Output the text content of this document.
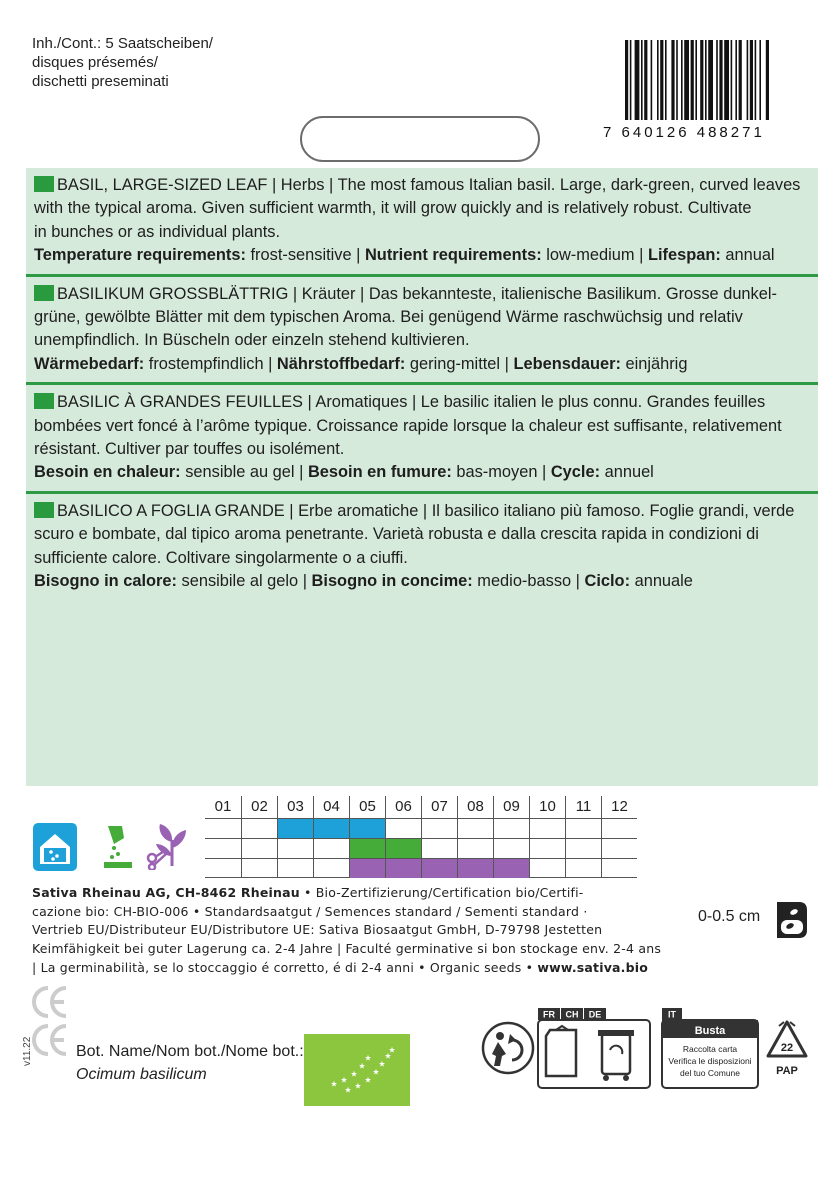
Inh./Cont.: 5 Saatscheiben/
disques présemés/
dischetti preseminati
7 640126 488271
BASIL, LARGE-SIZED LEAF | Herbs | The most famous Italian basil. Large, dark-green, curved leaves
with the typical aroma. Given sufficient warmth, it will grow quickly and is relatively robust. Cultivate
in bunches or as individual plants.
Temperature requirements: frost-sensitive | Nutrient requirements: low-medium | Lifespan: annual
BASILIKUM GROSSBLÄTTRIG | Kräuter | Das bekannteste, italienische Basilikum. Grosse dunkel-
grüne, gewölbte Blätter mit dem typischen Aroma. Bei genügend Wärme raschwüchsig und relativ
unempfindlich. In Büscheln oder einzeln stehend kultivieren.
Wärmebedarf: frostempfindlich | Nährstoffbedarf: gering-mittel | Lebensdauer: einjährig
BASILIC À GRANDES FEUILLES | Aromatiques | Le basilic italien le plus connu. Grandes feuilles
bombées vert foncé à l’arôme typique. Croissance rapide lorsque la chaleur est suffisante, relativement
résistant. Cultiver par touffes ou isolément.
Besoin en chaleur: sensible au gel | Besoin en fumure: bas-moyen | Cycle: annuel
BASILICO A FOGLIA GRANDE | Erbe aromatiche | Il basilico italiano più famoso. Foglie grandi, verde
scuro e bombate, dal tipico aroma penetrante. Varietà robusta e dalla crescita rapida in condizioni di
sufficiente calore. Coltivare singolarmente o a ciuffi.
Bisogno in calore: sensibile al gelo | Bisogno in concime: medio-basso | Ciclo: annuale
01	02	03	04	05	06	07	08	09	10	11	12
Sativa Rheinau AG, CH-8462 Rheinau • Bio-Zertifizierung/Certification bio/Certifi-
cazione bio: CH-BIO-006 • Standardsaatgut / Semences standard / Sementi standard ·
Vertrieb EU/Distributeur EU/Distributore UE: Sativa Biosaatgut GmbH, D-79798 Jestetten
Keimfähigkeit bei guter Lagerung ca. 2-4 Jahre | Faculté germinative si bon stockage env. 2-4 ans
| La germinabilità, se lo stoccaggio é corretto, é di 2-4 anni • Organic seeds • www.sativa.bio
0-0.5 cm
v11.22	Bot. Name/Nom bot./Nome bot.:
Ocimum basilicum
FR CH DE	IT
Busta
Raccolta carta
Verifica le disposizioni
del tuo Comune
22
PAP
